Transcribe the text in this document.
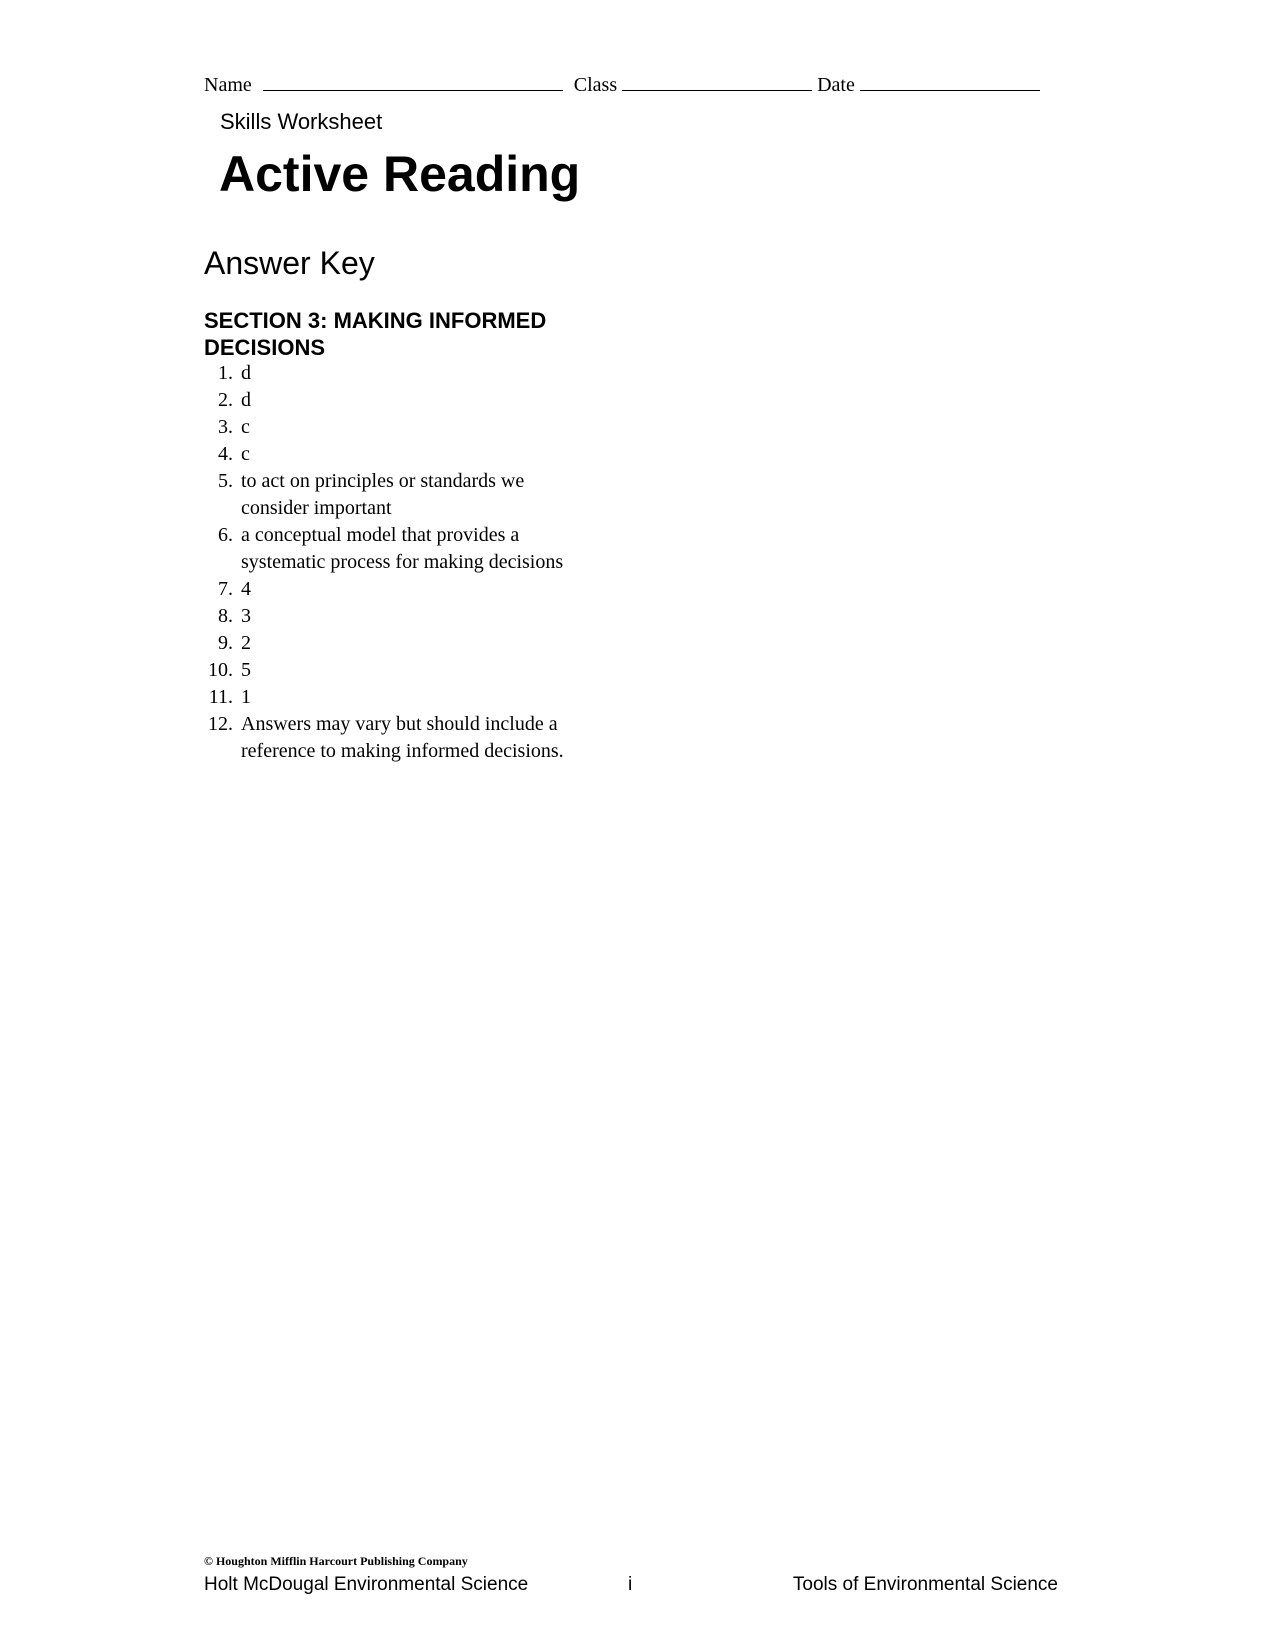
Name	Class	Date
Skills Worksheet
Active Reading
Answer Key
SECTION 3: MAKING INFORMED DECISIONS
1. d
2. d
3. c
4. c
5. to act on principles or standards we consider important
6. a conceptual model that provides a systematic process for making decisions
7. 4
8. 3
9. 2
10. 5
11. 1
12. Answers may vary but should include a reference to making informed decisions.
© Houghton Mifflin Harcourt Publishing Company
Holt McDougal Environmental Science	i	Tools of Environmental Science
